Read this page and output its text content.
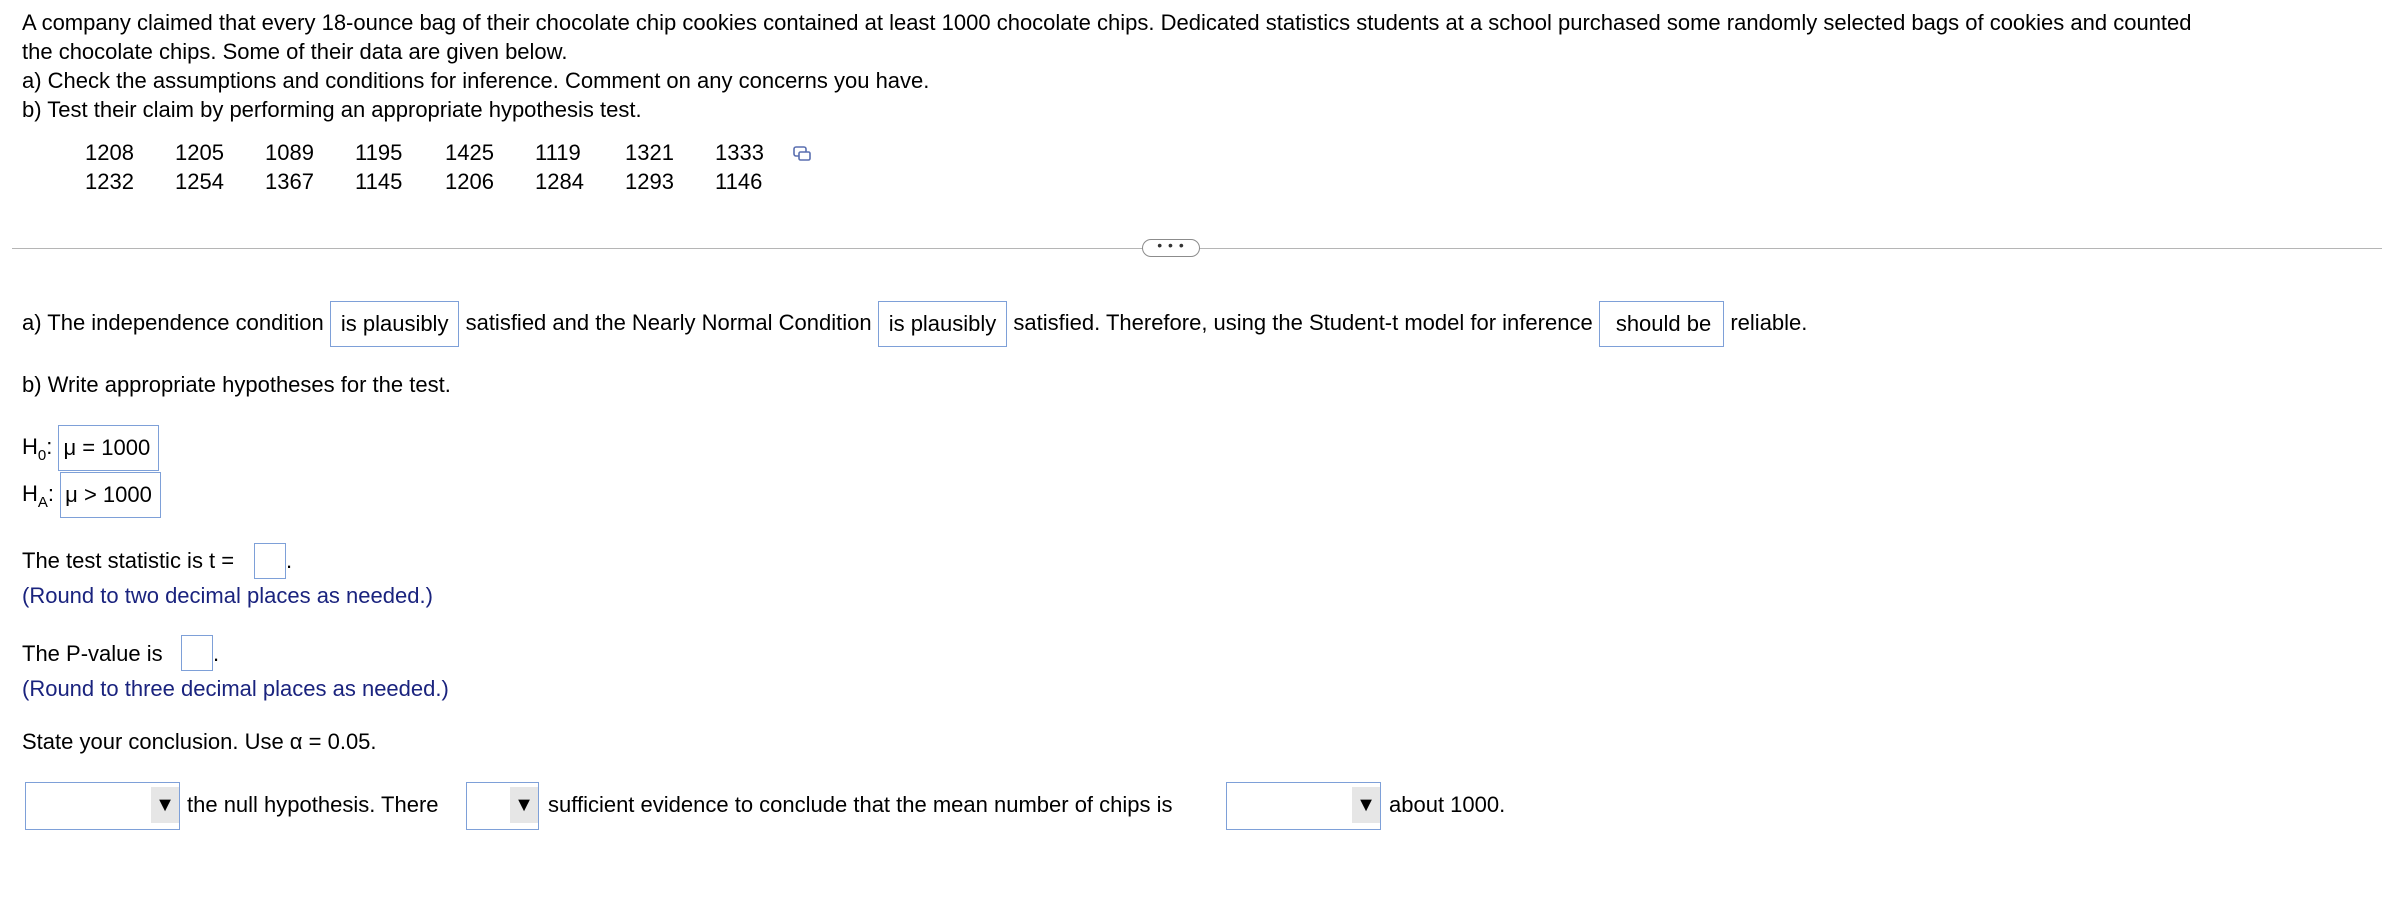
A company claimed that every 18-ounce bag of their chocolate chip cookies contained at least 1000 chocolate chips. Dedicated statistics students at a school purchased some randomly selected bags of cookies and counted

the chocolate chips. Some of their data are given below.

a) Check the assumptions and conditions for inference. Comment on any concerns you have.

b) Test their claim by performing an appropriate hypothesis test.

1208	1205	1089	1195	1425	1119	1321	1333
1232	1254	1367	1145	1206	1284	1293	1146
• • •
a) The independence condition is plausibly satisfied and the Nearly Normal Condition is plausibly satisfied. Therefore, using the Student-t model for inference should be reliable.
b) Write appropriate hypotheses for the test.
$H_0$: μ = 1000
$H_A$: μ > 1000
The test statistic is t = .
(Round to two decimal places as needed.)
The P-value is .
(Round to three decimal places as needed.)
State your conclusion. Use α = 0.05.
▼ the null hypothesis. There	▼ sufficient evidence to conclude that the mean number of chips is	▼ about 1000.
